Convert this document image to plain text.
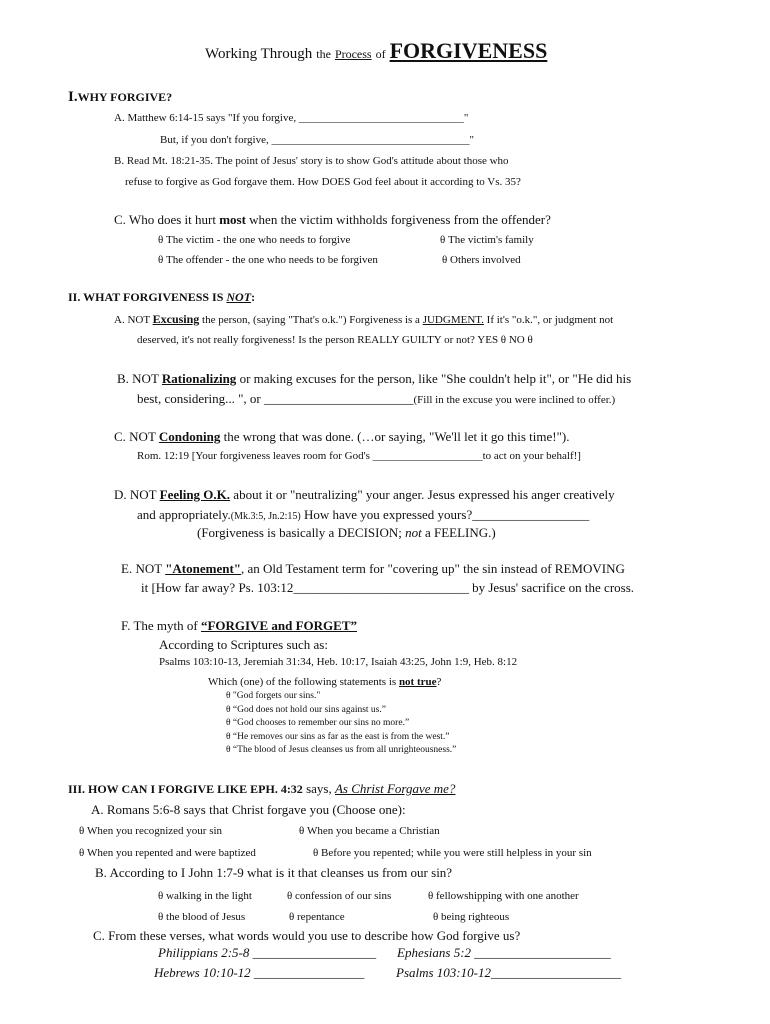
Working Through the Process of FORGIVENESS
I.WHY FORGIVE?
A. Matthew 6:14-15 says "If you forgive, ______________________________"
But, if you don't forgive, ____________________________________"
B. Read Mt. 18:21-35. The point of Jesus' story is to show God's attitude about those who
refuse to forgive as God forgave them. How DOES God feel about it according to Vs. 35?
C. Who does it hurt most when the victim withholds forgiveness from the offender?
θ The victim - the one who needs to forgive	θ The victim's family
θ The offender - the one who needs to be forgiven	θ Others involved
II. WHAT FORGIVENESS IS NOT:
A. NOT Excusing the person, (saying "That's o.k.") Forgiveness is a JUDGMENT. If it's "o.k.", or judgment not
deserved, it's not really forgiveness! Is the person REALLY GUILTY or not? YES θ NO θ
B. NOT Rationalizing or making excuses for the person, like "She couldn't help it", or "He did his
best, considering... ", or _______________________(Fill in the excuse you were inclined to offer.)
C. NOT Condoning the wrong that was done. (…or saying, "We'll let it go this time!").
Rom. 12:19 [Your forgiveness leaves room for God's ____________________to act on your behalf!]
D. NOT Feeling O.K. about it or "neutralizing" your anger. Jesus expressed his anger creatively
and appropriately.(Mk.3:5, Jn.2:15) How have you expressed yours?__________________
(Forgiveness is basically a DECISION; not a FEELING.)
E. NOT "Atonement", an Old Testament term for "covering up" the sin instead of REMOVING
it [How far away? Ps. 103:12___________________________ by Jesus' sacrifice on the cross.
F. The myth of “FORGIVE and FORGET”
According to Scriptures such as:
Psalms 103:10-13, Jeremiah 31:34, Heb. 10:17, Isaiah 43:25, John 1:9, Heb. 8:12
Which (one) of the following statements is not true?
θ "God forgets our sins."
θ “God does not hold our sins against us.”
θ “God chooses to remember our sins no more.”
θ “He removes our sins as far as the east is from the west.”
θ “The blood of Jesus cleanses us from all unrighteousness.”
III. HOW CAN I FORGIVE LIKE EPH. 4:32 says, As Christ Forgave me?
A. Romans 5:6-8 says that Christ forgave you (Choose one):
θ When you recognized your sin	θ When you became a Christian
θ When you repented and were baptized	θ Before you repented; while you were still helpless in your sin
B. According to I John 1:7-9 what is it that cleanses us from our sin?
θ walking in the light	θ confession of our sins	θ fellowshipping with one another
θ the blood of Jesus	θ repentance	θ being righteous
C. From these verses, what words would you use to describe how God forgive us?
Philippians 2:5-8 ___________________ Ephesians 5:2 _____________________
Hebrews 10:10-12 _________________ Psalms 103:10-12____________________
